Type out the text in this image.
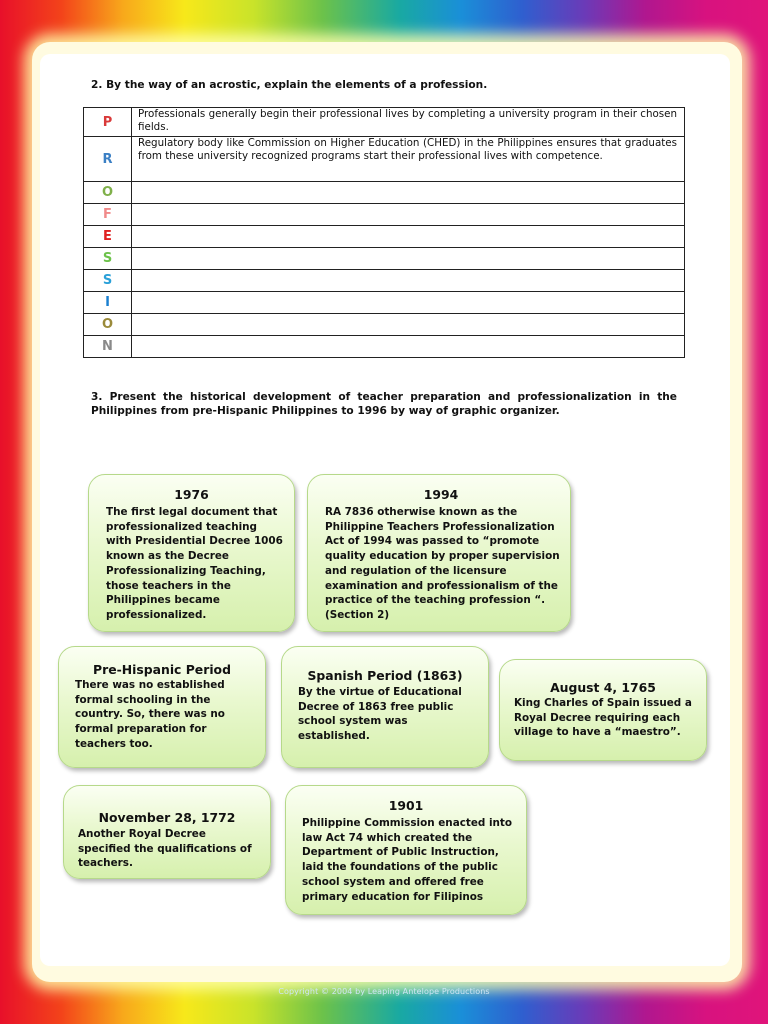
2. By the way of an acrostic, explain the elements of a profession.
P	Professionals generally begin their professional lives by completing a university program in their chosen fields.
R	Regulatory body like Commission on Higher Education (CHED) in the Philippines ensures that graduates from these university recognized programs start their professional lives with competence.
O	
F	
E	
S	
S	
I	
O	
N	
3. Present the historical development of teacher preparation and professionalization in the Philippines from pre-Hispanic Philippines to 1996 by way of graphic organizer.
1976
The first legal document that professionalized teaching with Presidential Decree 1006 known as the Decree Professionalizing Teaching, those teachers in the Philippines became professionalized.
1994
RA 7836 otherwise known as the Philippine Teachers Professionalization Act of 1994 was passed to “promote quality education by proper supervision and regulation of the licensure examination and professionalism of the practice of the teaching profession “. (Section 2)
Pre-Hispanic Period
There was no established formal schooling in the country. So, there was no formal preparation for teachers too.
Spanish Period (1863)
By the virtue of Educational Decree of 1863 free public school system was established.
August 4, 1765
King Charles of Spain issued a Royal Decree requiring each village to have a “maestro”.
November 28, 1772
Another Royal Decree specified the qualifications of teachers.
1901
Philippine Commission enacted into law Act 74 which created the Department of Public Instruction, laid the foundations of the public school system and offered free primary education for Filipinos
Copyright © 2004 by Leaping Antelope Productions
